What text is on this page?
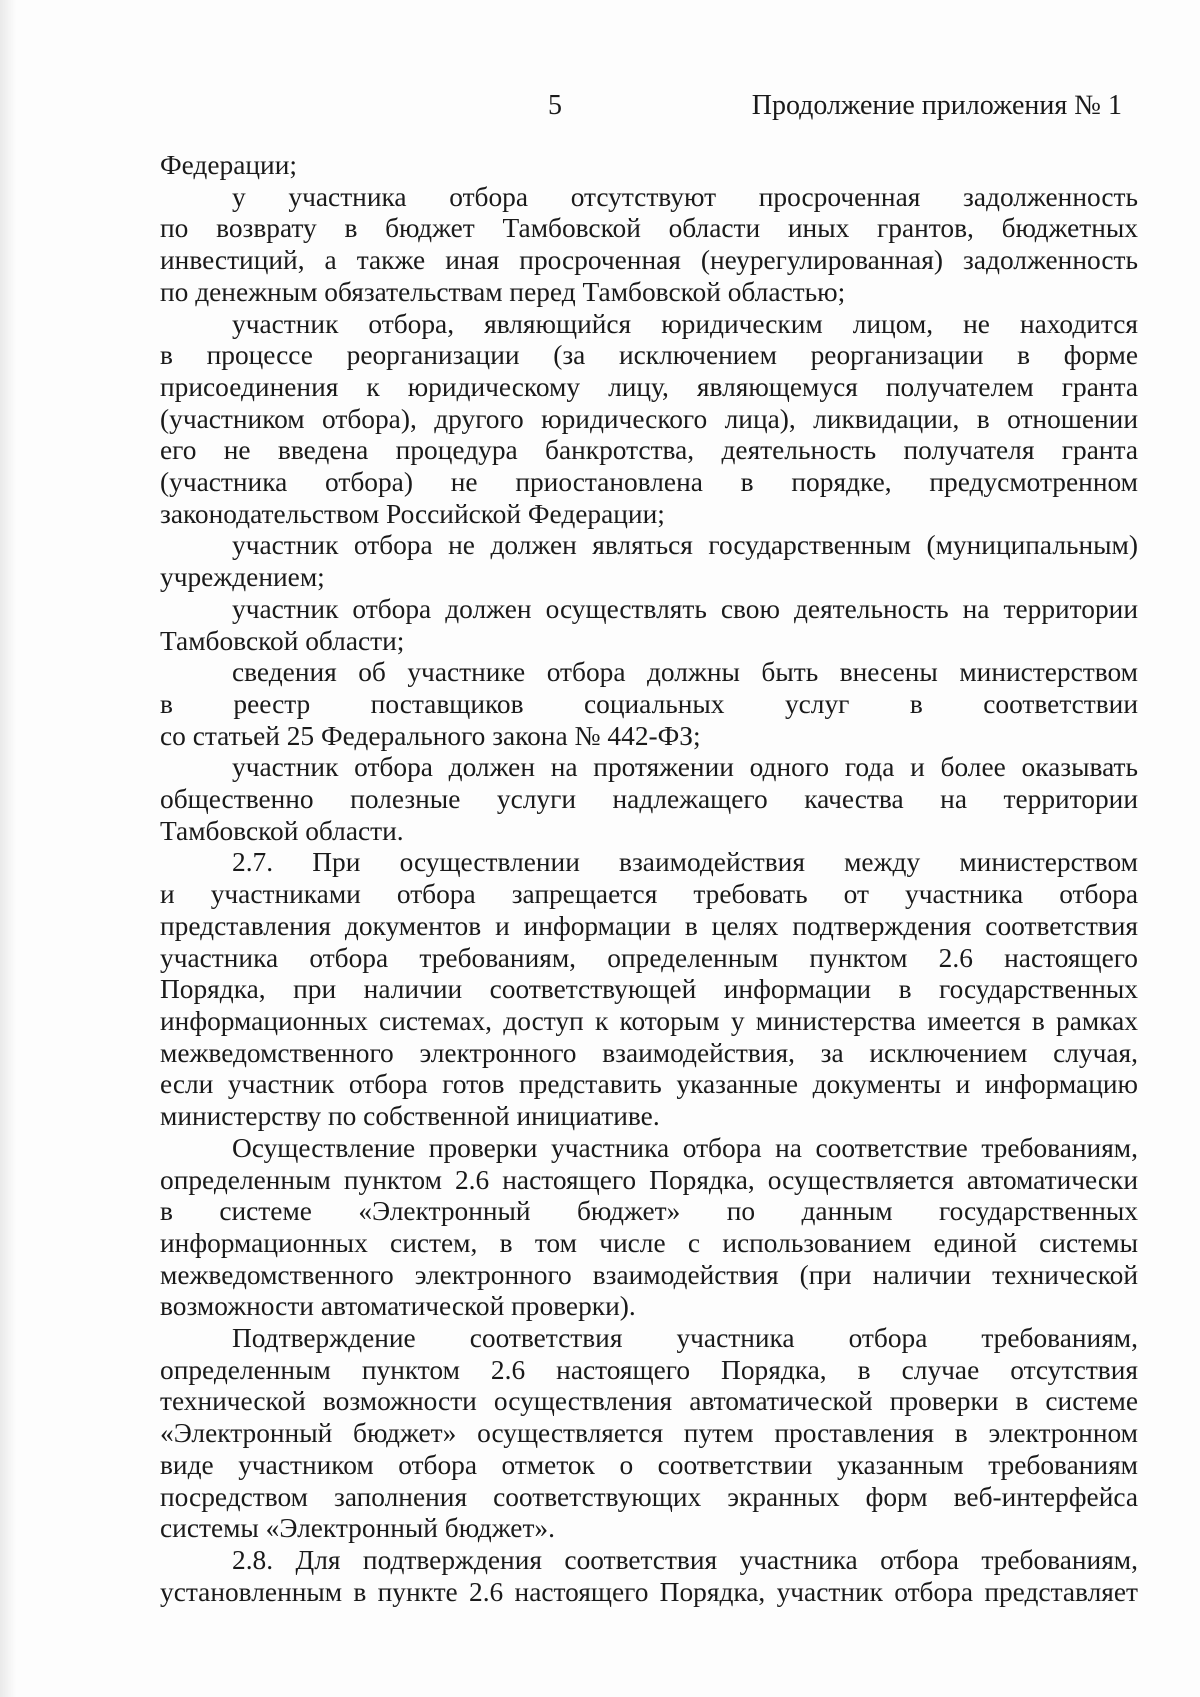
5	Продолжение приложения № 1
Федерации;
у участника отбора отсутствуют просроченная задолженность
по возврату в бюджет Тамбовской области иных грантов, бюджетных
инвестиций, а также иная просроченная (неурегулированная) задолженность
по денежным обязательствам перед Тамбовской областью;
участник отбора, являющийся юридическим лицом, не находится
в процессе реорганизации (за исключением реорганизации в форме
присоединения к юридическому лицу, являющемуся получателем гранта
(участником отбора), другого юридического лица), ликвидации, в отношении
его не введена процедура банкротства, деятельность получателя гранта
(участника отбора) не приостановлена в порядке, предусмотренном
законодательством Российской Федерации;
участник отбора не должен являться государственным (муниципальным)
учреждением;
участник отбора должен осуществлять свою деятельность на территории
Тамбовской области;
сведения об участнике отбора должны быть внесены министерством
в реестр поставщиков социальных услуг в соответствии
со статьей 25 Федерального закона № 442-ФЗ;
участник отбора должен на протяжении одного года и более оказывать
общественно полезные услуги надлежащего качества на территории
Тамбовской области.
2.7. При осуществлении взаимодействия между министерством
и участниками отбора запрещается требовать от участника отбора
представления документов и информации в целях подтверждения соответствия
участника отбора требованиям, определенным пунктом 2.6 настоящего
Порядка, при наличии соответствующей информации в государственных
информационных системах, доступ к которым у министерства имеется в рамках
межведомственного электронного взаимодействия, за исключением случая,
если участник отбора готов представить указанные документы и информацию
министерству по собственной инициативе.
Осуществление проверки участника отбора на соответствие требованиям,
определенным пунктом 2.6 настоящего Порядка, осуществляется автоматически
в системе «Электронный бюджет» по данным государственных
информационных систем, в том числе с использованием единой системы
межведомственного электронного взаимодействия (при наличии технической
возможности автоматической проверки).
Подтверждение соответствия участника отбора требованиям,
определенным пунктом 2.6 настоящего Порядка, в случае отсутствия
технической возможности осуществления автоматической проверки в системе
«Электронный бюджет» осуществляется путем проставления в электронном
виде участником отбора отметок о соответствии указанным требованиям
посредством заполнения соответствующих экранных форм веб-интерфейса
системы «Электронный бюджет».
2.8. Для подтверждения соответствия участника отбора требованиям,
установленным в пункте 2.6 настоящего Порядка, участник отбора представляет
